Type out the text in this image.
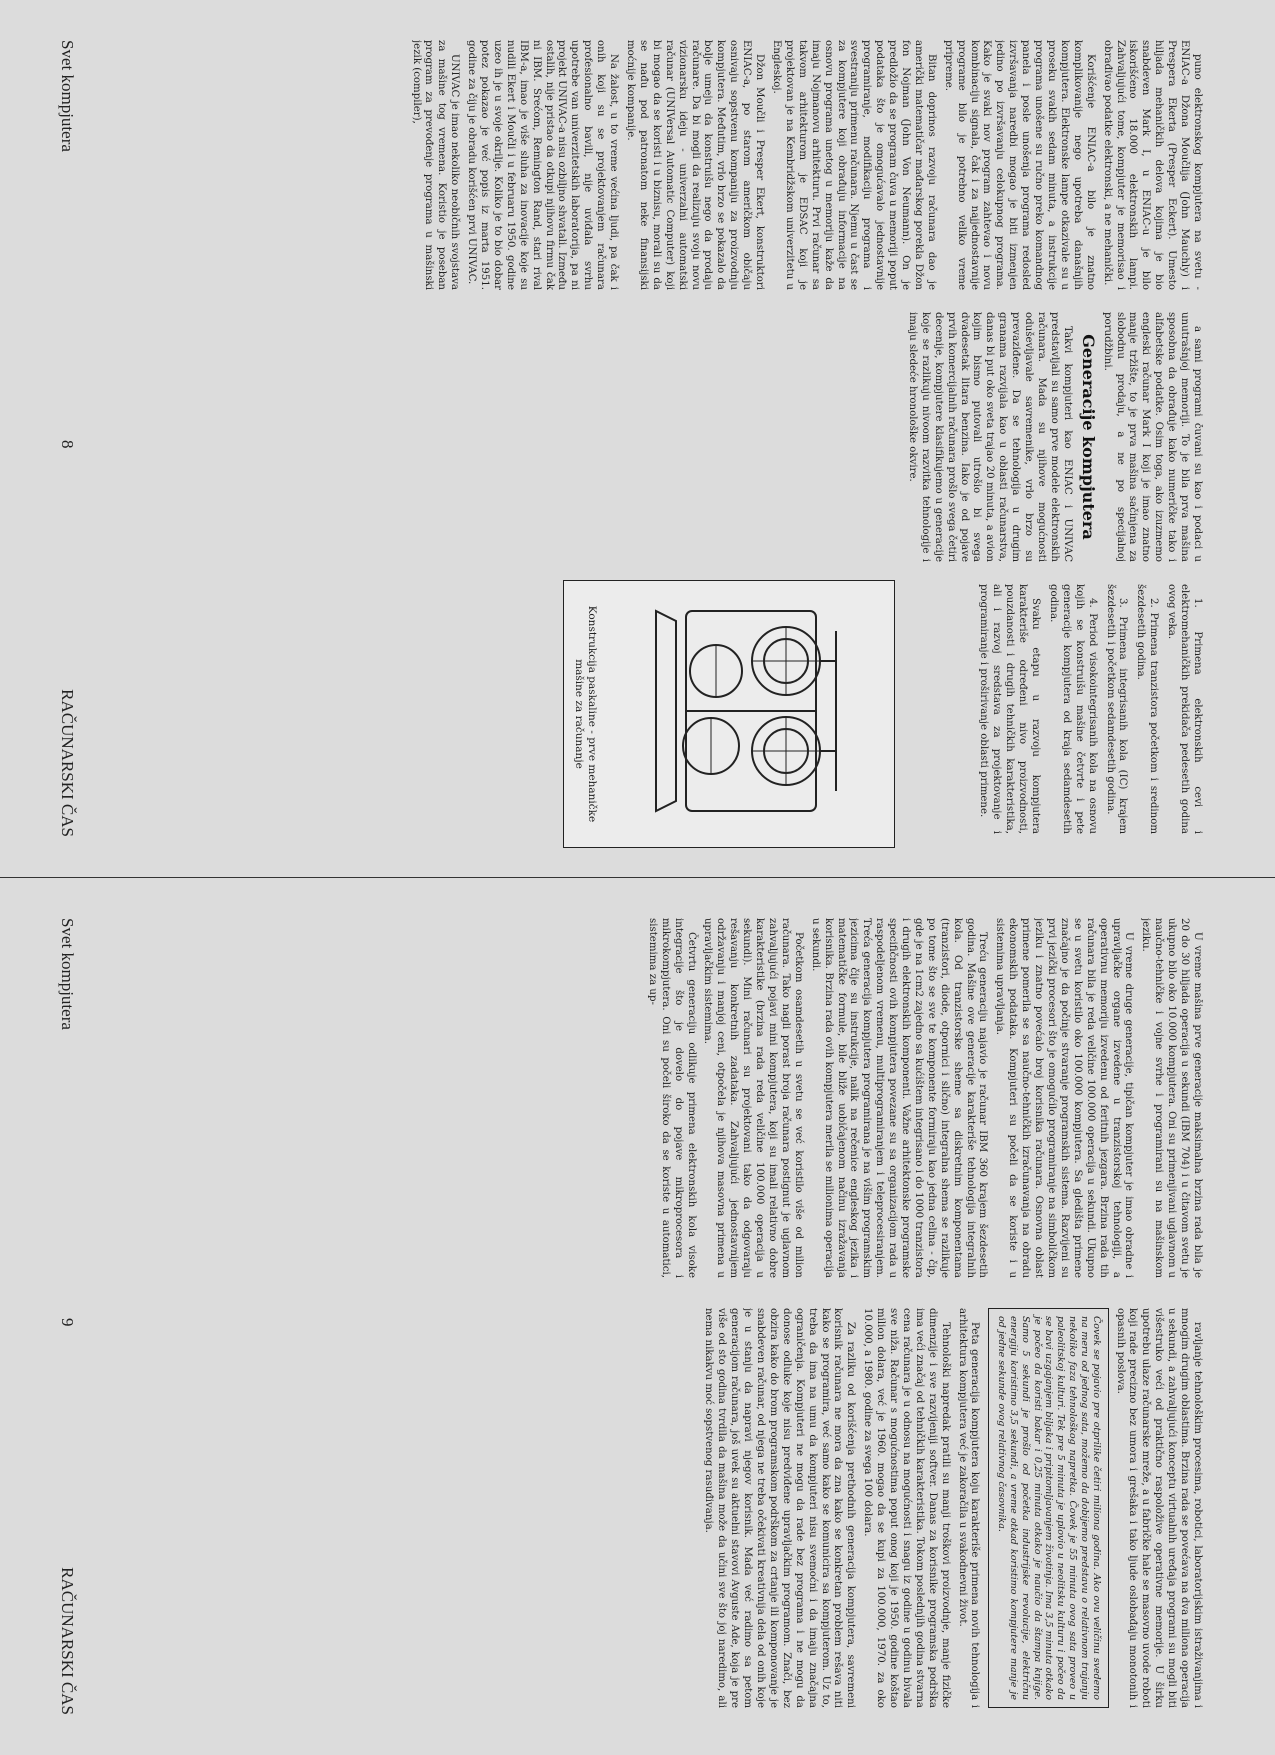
puno elektronskog kompjutera na svetu - ENIAC-a Džona Moučlija (John Mauchly) i Prespera Ekerta (Presper Eckert). Umesto hiljada mehaničkih delova kojima je bio snabdeven Mark I, u ENIAC-u je bilo iskorišćeno 18.000 elektronskih lampi. Zahvaljujući tome, kompjuter je memorisao i obrađivao podatke elektronski, a ne mehanički.

Korišćenje ENIAC-a bilo je znatno komplikovanije nego upotreba današnjih kompjutera. Elektronske lampe otkazivale su u proseku svakih sedam minuta, a instrukcije programa unošene su ručno preko komandnog panela i posle unošenja programa redosled izvršavanja naredbi mogao je biti izmenjen jedino po izvršavanju celokupnog programa. Kako je svaki nov program zahtevao i novu kombinaciju signala, čak i za najjednostavnije programe bilo je potrebno veliko vreme pripreme.

Bitan doprinos razvoju računara dao je američki matematičar mađarskog porekla Džon fon Nojman (John Von Neumann). On je predložio da se program čuva u memoriji poput podataka što je omogućavalo jednostavnije programiranje, modifikaciju programa i svestraniju primenu računara. Njemu u čast se za kompjutere koji obrađuju informacije na osnovu programa unetog u memoriju kaže da imaju Nojmanovu arhitekturu. Prvi računar sa takvom arhitekturom je EDSAC koji je projektovan je na Kembridžskom univerzitetu u Engleskoj.

Džon Moučli i Presper Ekert, konstruktori ENIAC-a, po starom američkom običaju osnivaju sopstvenu kompaniju za proizvodnju kompjutera. Međutim, vrlo brzo se pokazalo da bolje umeju da konstruišu nego da prodaju računare. Da bi mogli da realizuju svoju novu vizionarsku ideju - univerzalni automatski računar (UNIVersal Automatic Computer) koji bi mogao da se koristi i u biznisu, morali su da se nađu pod patronatom neke finansijski moćnije kompanije.

Na žalost, u to vreme većina ljudi, pa čak i onih koji su se projektovanjem računara profesionalno bavili, nije uviđala svrhu upotrebe van univerzitetskih laboratorija, pa ni projekt UNIVAC-a nisu ozbiljno shvatali. Između ostalih, nije pristao da otkupi njihovu firmu čak ni IBM. Srećom, Remington Rand, stari rival IBM-a, imao je više sluha za inovacije koje su nudili Ekert i Moučli i u februaru 1950. godine uzeo ih je u svoje okrilje. Koliko je to bio dobar potez pokazao je već popis iz marta 1951. godine za čiju je obradu korišćen prvi UNIVAC.

UNIVAC je imao nekoliko neobičnih svojstava za mašine tog vremena. Koristio je poseban program za prevođenje programa u mašinski jezik (compiler),

a sami programi čuvani su kao i podaci u unutrašnjoj memoriji. To je bila prva mašina sposobna da obrađuje kako numeričke tako i alfabetske podatke. Osim toga, ako izuzmemo engleski računar Mark I koji je imao znatno manje tržište, to je prva mašina sačinjena za slobodnu prodaju, a ne po specijalnoj porudžbini.

Generacije kompjutera

Takvi kompjuteri kao ENIAC i UNIVAC predstavljali su samo prve modele elektronskih računara. Mada su njihove mogućnosti oduševljavale savremenike, vrlo brzo su prevaziđene. Da se tehnologija u drugim granama razvijala kao u oblasti računarstva, danas bi put oko sveta trajao 20 minuta, a avion kojim bismo putovali utrošio bi svega dvadesetak litara benzina. Iako je od pojave prvih komercijalnih računara prošlo svega četiri decenije, kompjutere klasifikujemo u generacije koje se razlikuju nivoom razvitka tehnologije i imaju sledeće hronološke okvire.

1. Primena elektronskih cevi i elektromehaničkih prekidača pedesetih godina ovog veka.
2. Primena tranzistora početkom i sredinom šezdesetih godina.
3. Primena integrisanih kola (IC) krajem šezdesetih i početkom sedamdesetih godina.
4. Period visokointegrisanih kola na osnovu kojih se konstruišu mašine četvrte i pete generacije kompjutera od kraja sedamdesetih godina.

Svaku etapu u razvoju kompjutera karakteriše određeni nivo proizvodnosti, pouzdanosti i drugih tehničkih karakteristika, ali i razvoj sredstava za projektovanje i programiranje i proširivanje oblasti primene.

Konstrukcija paskaline - prve mehaničke mašine za računanje
Svet kompjutera
8
RAČUNARSKI ČAS

U vreme mašina prve generacije maksimalna brzina rada bila je 20 do 30 hiljada operacija u sekundi (IBM 704) i u čitavom svetu je ukupno bilo oko 10.000 kompjutera. Oni su primenjivani uglavnom u naučno-tehničke i vojne svrhe i programirani su na mašinskom jeziku.

U vreme druge generacije, tipičan kompjuter je imao obradne i upravljačke organe izvedene u tranzistorskoj tehnologiji, a operativnu memoriju izvedenu od feritnih jezgara. Brzina rada tih računara bila je reda veličine 100.000 operacija u sekundi. Ukupno se u svetu koristilo oko 100.000 kompjutera. Sa gledišta primene značajno je da počinje stvaranje programskih sistema. Razvijeni su prvi jezički procesori što je omogućilo programiranje na simboličkom jeziku i znatno povećalo broj korisnika računara. Osnovna oblast primene pomerila se sa naučno-tehničkih izračunavanja na obradu ekonomskih podataka. Kompjuteri su počeli da se koriste i u sistemima upravljanja.

Treću generaciju najavio je računar IBM 360 krajem šezdesetih godina. Mašine ove generacije karakteriše tehnologija integralnih kola. Od tranzistorske sheme sa diskretnim komponentama (tranzistori, diode, otpornici i slično) integralna shema se razlikuje po tome što se sve te komponente formiraju kao jedna celina - čip, gde je na 1cm2 zajedno sa kućištem integrisano i do 1000 tranzistora i drugih elektronskih komponenti. Važne arhitektonske programske specifičnosti ovih kompjutera povezane su sa organizacijom rada u raspodeljenom vremenu, multiprogramiranjem i teleprocesiranjem. Treća generacija kompjutera programirana je na višim programskim jezicima čije su instrukcije, nalik na rečenice engleskog jezika i matematičke formule, bile bliže uobičajenom načinu izražavanja korisnika. Brzina rada ovih kompjutera merila se milionima operacija u sekundi.

Početkom osamdesetih u svetu se već koristilo više od milion računara. Tako nagli porast broja računara postignut je uglavnom zahvaljujući pojavi mini kompjutera, koji su imali relativno dobre karakteristike (brzina rada reda veličine 100.000 operacija u sekundi). Mini računari su projektovani tako da odgovaraju rešavanju konkretnih zadataka. Zahvaljujući jednostavnijem održavanju i manjoj ceni, otpočela je njihova masovna primena u upravljačkim sistemima.

Četvrtu generaciju odlikuje primena elektronskih kola visoke integracije što je dovelo do pojave mikroprocesora i mikrokompjutera. Oni su počeli široko da se koriste u automatici, sistemima za up-

ravljanje tehnološkim procesima, robotici, laboratorijskim istraživanjima i mnogim drugim oblastima. Brzina rada se povećava na dva miliona operacija u sekundi, a zahvaljujući konceptu virtualnih uređaja programi su mogli biti višestruko veći od praktično raspoložive operativne memorije. U širku upotrebu ulaze računarske mreže, a u fabričke hale se masovno uvode roboti koji rade precizno bez umora i grešaka i tako ljude oslobađaju monotonih i opasnih poslova.

Čovek se pojavio pre otprilike četiri miliona godina. Ako ovu veličinu svedemo na meru od jednog sata, možemo da dobijemo predstavu o relativnom trajanju nekoliko faza tehnološkog napretka. Čovek je 55 minuta ovog sata proveo u paleolitskoj kulturi. Tek pre 5 minuta je uplovio u neolitsku kulturu i počeo da se bavi uzgajanjem biljaka i pripitomljavanjem životinja. Ima 3,5 minuta otkako je počeo da koristi bakar i 0,25 minuta otkako je naučio da štampa knjige. Samo 5 sekundi je prošlo od početka industrijske revolucije, električnu energiju koristimo 3,5 sekundi, a vreme otkad koristimo kompjutere manje je od jedne sekunde ovog relativnog časovnika.

Peta generacija kompjutera koju karakteriše primena novih tehnologija i arhitektura kompjutera već je zakoračila u svakodnevni život.

Tehnološki napredak pratili su manji troškovi proizvodnje, manje fizičke dimenzije i sve razvijeniji softver. Danas za korisnike programska podrška ima veći značaj od tehničkih karakteristika. Tokom poslednjih godina stvarna cena računara je u odnosu na mogućnosti i snagu iz godine u godinu bivala sve niža. Računar s mogućnostima poput onog koji je 1950. godine koštao milion dolara, već je 1960. mogao da se kupi za 100.000, 1970. za oko 10.000, a 1980. godine za svega 100 dolara.

Za razliku od korišćenja prethodnih generacija kompjutera, savremeni korisnik računara ne mora da zna kako se konkretan problem rešava niti kako se programira, već samo kako se komunicira sa kompjuterom. Uz to, treba da ima na umu da kompjuteri nisu svemoćni i da imaju značajna ograničenja. Kompjuteri ne mogu da rade bez programa i ne mogu da donose odluke koje nisu predviđene upravljačkim programom. Znači, bez obzira kako do brom programskom podrškom za crtanje ili komponovanje je snabdeven računar, od njega ne treba očekivati kreativnija dela od onih koje je u stanju da napravi njegov korisnik. Mada već radimo sa petom generacijom računara, još uvek su aktuelni stavovi Avguste Ade, koja je pre više od sto godina tvrdila da mašina može da učini sve što joj naredimo, ali nema nikakvu moć sopstvenog rasuđivanja.

Svet kompjutera
9
RAČUNARSKI ČAS
